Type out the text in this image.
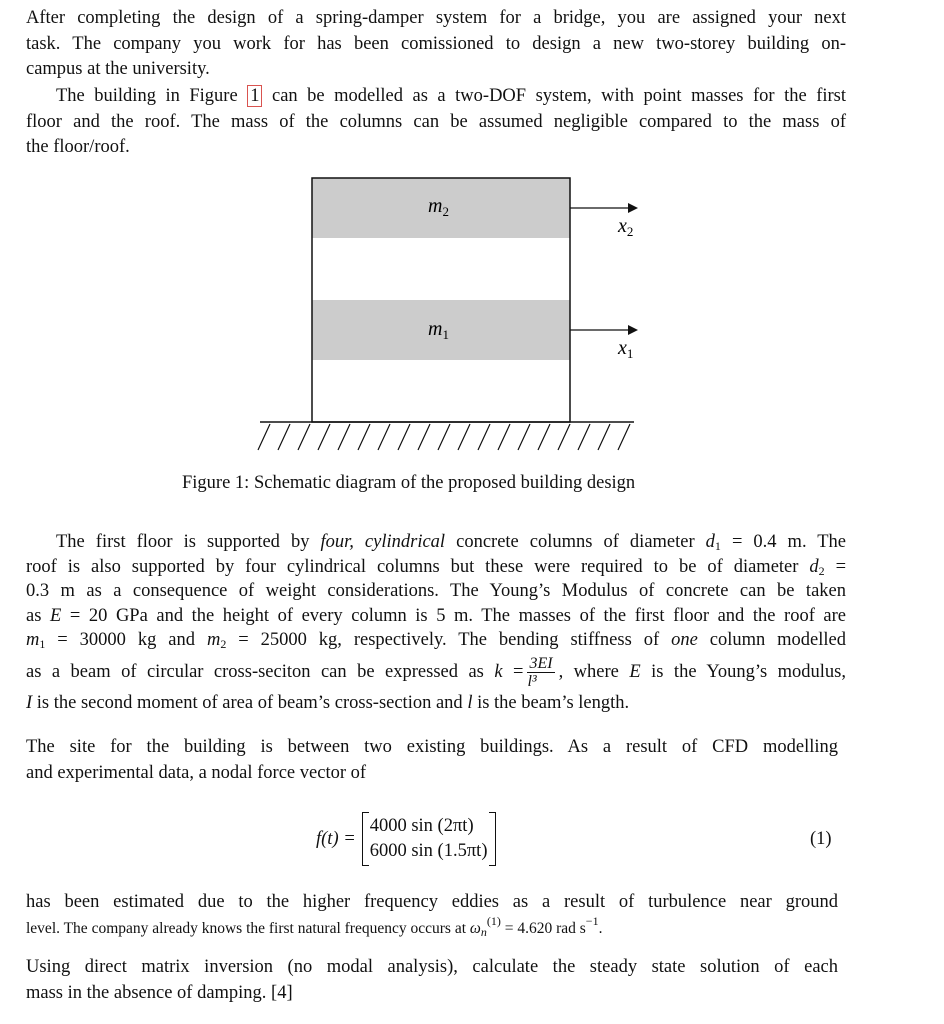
After completing the design of a spring-damper system for a bridge, you are assigned your next
task. The company you work for has been comissioned to design a new two-storey building on-
campus at the university.
The building in Figure 1 can be modelled as a two-DOF system, with point masses for the first
floor and the roof. The mass of the columns can be assumed negligible compared to the mass of
the floor/roof.
$m_2$
$m_1$
$x_2$
$x_1$
Figure 1: Schematic diagram of the proposed building design
The first floor is supported by four, cylindrical concrete columns of diameter $d_1 = 0.4$ m. The
roof is also supported by four cylindrical columns but these were required to be of diameter $d_2$ =
0.3 m as a consequence of weight considerations. The Young’s Modulus of concrete can be taken
as E = 20 GPa and the height of every column is 5 m. The masses of the first floor and the roof are
$m_1 = 30000$ kg and $m_2 = 25000$ kg, respectively. The bending stiffness of one column modelled
as a beam of circular cross-seciton can be expressed as $k = \frac{3EI}{\text{l³}}$ , where E is the Young’s modulus,
I is the second moment of area of beam’s cross-section and l is the beam’s length.
The site for the building is between two existing buildings. As a result of CFD modelling
and experimental data, a nodal force vector of
f(t) =
4000 sin (2πt)
6000 sin (1.5πt)
(1)
has been estimated due to the higher frequency eddies as a result of turbulence near ground
level. The company already knows the first natural frequency occurs at $\omega_n^{(1)} = 4.620$ rad $s^{-1}$.
Using direct matrix inversion (no modal analysis), calculate the steady state solution of each
mass in the absence of damping. [4]
